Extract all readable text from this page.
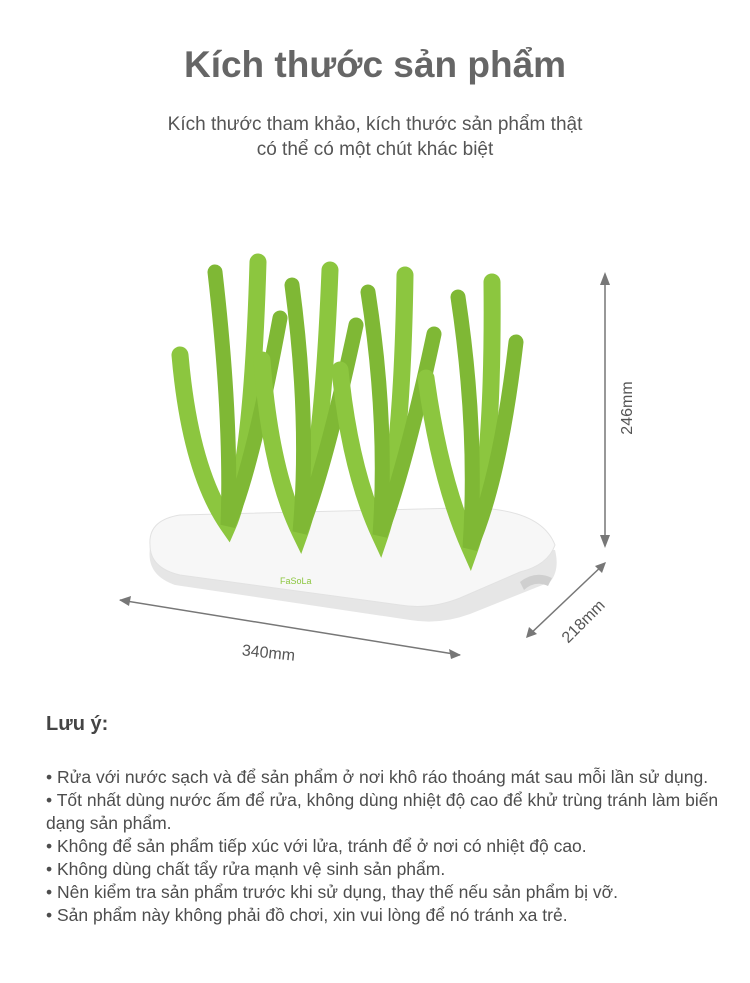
Kích thước sản phẩm
Kích thước tham khảo, kích thước sản phẩm thật
có thể có một chút khác biệt
FaSoLa
246mm
340mm
218mm
Lưu ý:
• Rửa với nước sạch và để sản phẩm ở nơi khô ráo thoáng mát sau mỗi lần sử dụng.
• Tốt nhất dùng nước ấm để rửa, không dùng nhiệt độ cao để khử trùng tránh làm biến dạng sản phẩm.
• Không để sản phẩm tiếp xúc với lửa, tránh để ở nơi có nhiệt độ cao.
• Không dùng chất tẩy rửa mạnh vệ sinh sản phẩm.
• Nên kiểm tra sản phẩm trước khi sử dụng, thay thế nếu sản phẩm bị vỡ.
• Sản phẩm này không phải đồ chơi, xin vui lòng để nó tránh xa trẻ.
